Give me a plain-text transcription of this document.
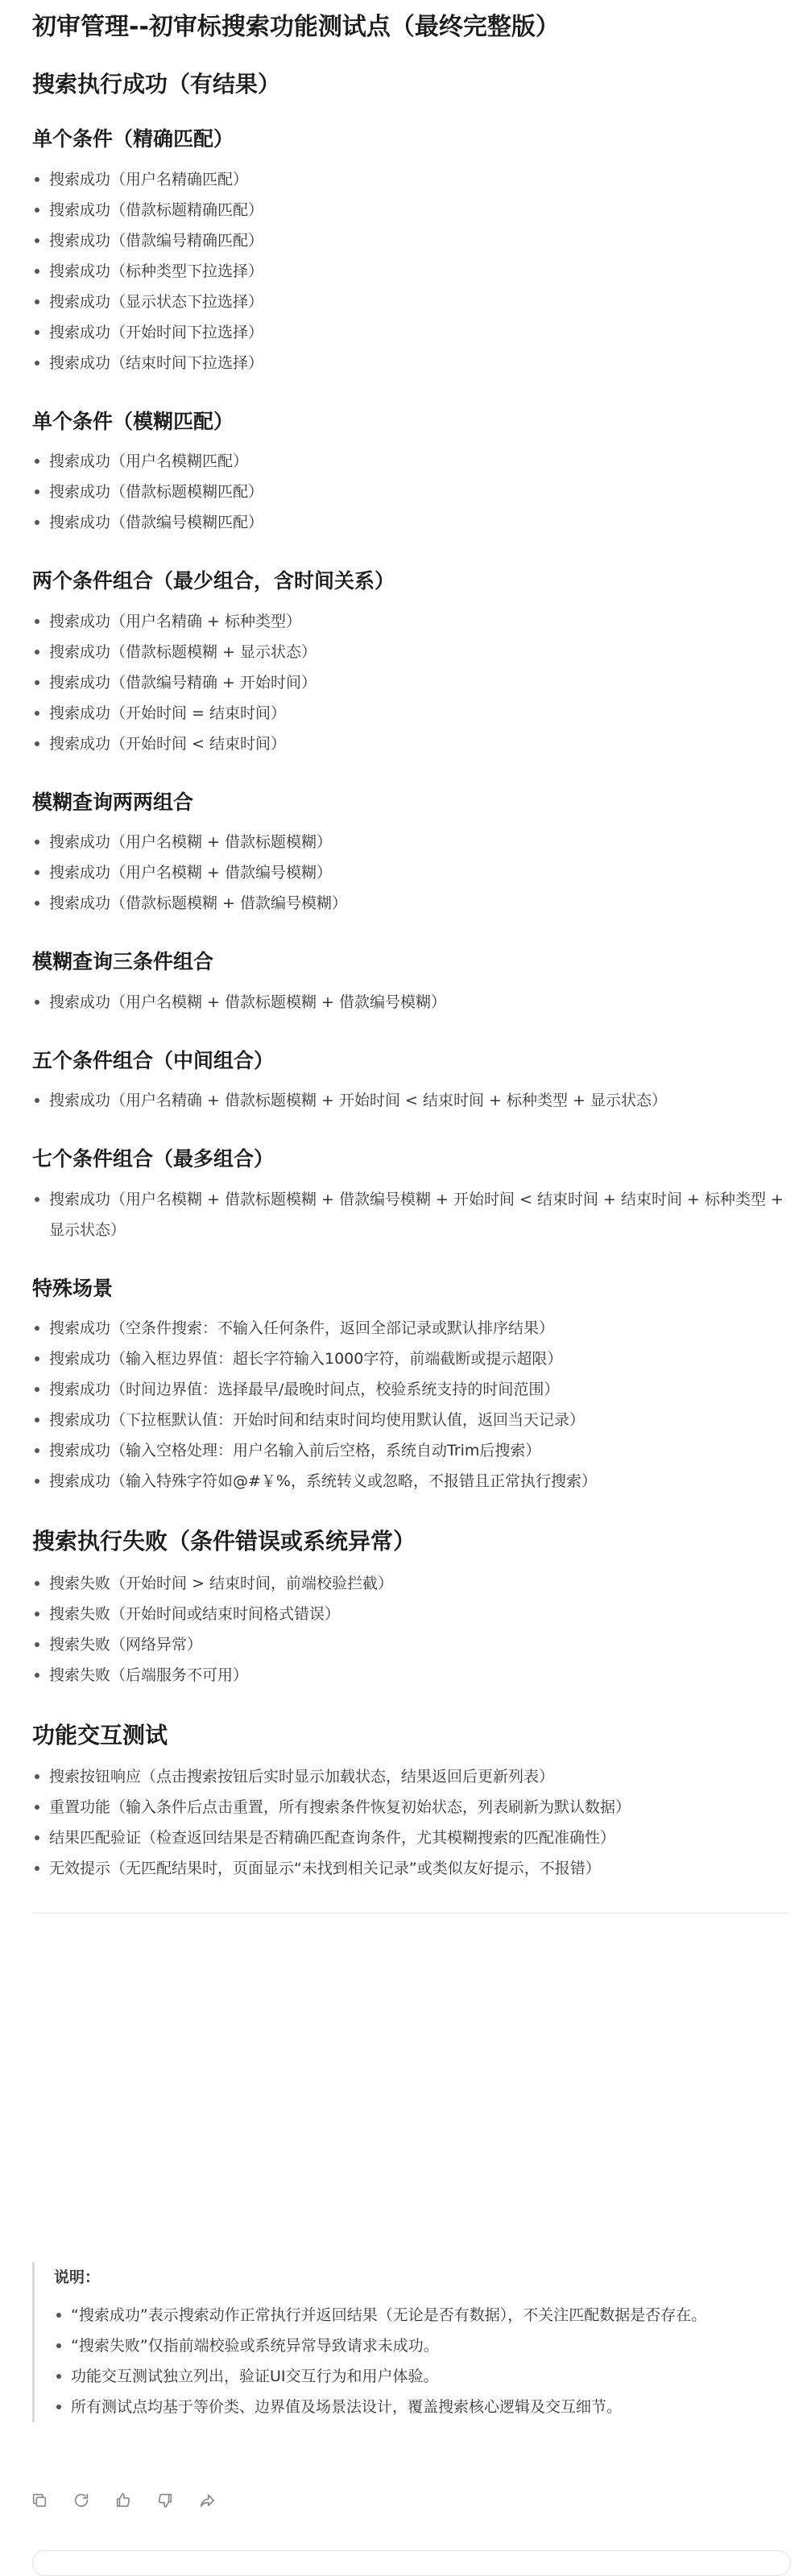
初审管理--初审标搜索功能测试点（最终完整版）
搜索执行成功（有结果）
单个条件（精确匹配）
搜索成功（用户名精确匹配）
搜索成功（借款标题精确匹配）
搜索成功（借款编号精确匹配）
搜索成功（标种类型下拉选择）
搜索成功（显示状态下拉选择）
搜索成功（开始时间下拉选择）
搜索成功（结束时间下拉选择）
单个条件（模糊匹配）
搜索成功（用户名模糊匹配）
搜索成功（借款标题模糊匹配）
搜索成功（借款编号模糊匹配）
两个条件组合（最少组合，含时间关系）
搜索成功（用户名精确 + 标种类型）
搜索成功（借款标题模糊 + 显示状态）
搜索成功（借款编号精确 + 开始时间）
搜索成功（开始时间 = 结束时间）
搜索成功（开始时间 < 结束时间）
模糊查询两两组合
搜索成功（用户名模糊 + 借款标题模糊）
搜索成功（用户名模糊 + 借款编号模糊）
搜索成功（借款标题模糊 + 借款编号模糊）
模糊查询三条件组合
搜索成功（用户名模糊 + 借款标题模糊 + 借款编号模糊）
五个条件组合（中间组合）
搜索成功（用户名精确 + 借款标题模糊 + 开始时间 < 结束时间 + 标种类型 + 显示状态）
七个条件组合（最多组合）
搜索成功（用户名模糊 + 借款标题模糊 + 借款编号模糊 + 开始时间 < 结束时间 + 结束时间 + 标种类型 + 显示状态）
特殊场景
搜索成功（空条件搜索：不输入任何条件，返回全部记录或默认排序结果）
搜索成功（输入框边界值：超长字符输入1000字符，前端截断或提示超限）
搜索成功（时间边界值：选择最早/最晚时间点，校验系统支持的时间范围）
搜索成功（下拉框默认值：开始时间和结束时间均使用默认值，返回当天记录）
搜索成功（输入空格处理：用户名输入前后空格，系统自动Trim后搜索）
搜索成功（输入特殊字符如@#￥%，系统转义或忽略，不报错且正常执行搜索）
搜索执行失败（条件错误或系统异常）
搜索失败（开始时间 > 结束时间，前端校验拦截）
搜索失败（开始时间或结束时间格式错误）
搜索失败（网络异常）
搜索失败（后端服务不可用）
功能交互测试
搜索按钮响应（点击搜索按钮后实时显示加载状态，结果返回后更新列表）
重置功能（输入条件后点击重置，所有搜索条件恢复初始状态，列表刷新为默认数据）
结果匹配验证（检查返回结果是否精确匹配查询条件，尤其模糊搜索的匹配准确性）
无效提示（无匹配结果时，页面显示“未找到相关记录”或类似友好提示，不报错）
说明：
“搜索成功”表示搜索动作正常执行并返回结果（无论是否有数据），不关注匹配数据是否存在。
“搜索失败”仅指前端校验或系统异常导致请求未成功。
功能交互测试独立列出，验证UI交互行为和用户体验。
所有测试点均基于等价类、边界值及场景法设计，覆盖搜索核心逻辑及交互细节。
